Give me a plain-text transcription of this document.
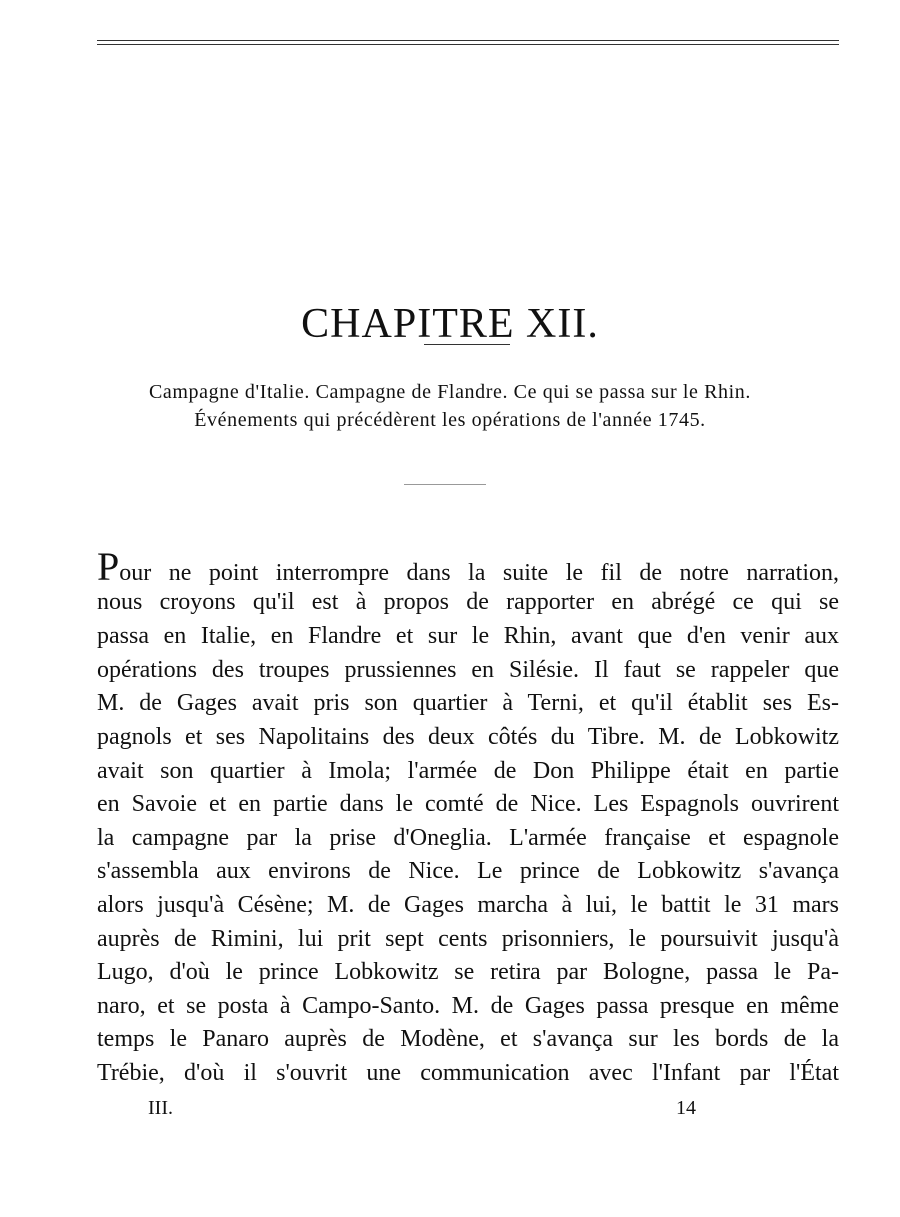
CHAPITRE XII.
Campagne d'Italie. Campagne de Flandre. Ce qui se passa sur le Rhin.
Événements qui précédèrent les opérations de l'année 1745.

Pour ne point interrompre dans la suite le fil de notre narration,

nous croyons qu'il est à propos de rapporter en abrégé ce qui se

passa en Italie, en Flandre et sur le Rhin, avant que d'en venir aux

opérations des troupes prussiennes en Silésie. Il faut se rappeler que

M. de Gages avait pris son quartier à Terni, et qu'il établit ses Es-

pagnols et ses Napolitains des deux côtés du Tibre. M. de Lobkowitz

avait son quartier à Imola; l'armée de Don Philippe était en partie

en Savoie et en partie dans le comté de Nice. Les Espagnols ouvrirent

la campagne par la prise d'Oneglia. L'armée française et espagnole

s'assembla aux environs de Nice. Le prince de Lobkowitz s'avança

alors jusqu'à Césène; M. de Gages marcha à lui, le battit le 31 mars

auprès de Rimini, lui prit sept cents prisonniers, le poursuivit jusqu'à

Lugo, d'où le prince Lobkowitz se retira par Bologne, passa le Pa-

naro, et se posta à Campo-Santo. M. de Gages passa presque en même

temps le Panaro auprès de Modène, et s'avança sur les bords de la

Trébie, d'où il s'ouvrit une communication avec l'Infant par l'État

III.	14
